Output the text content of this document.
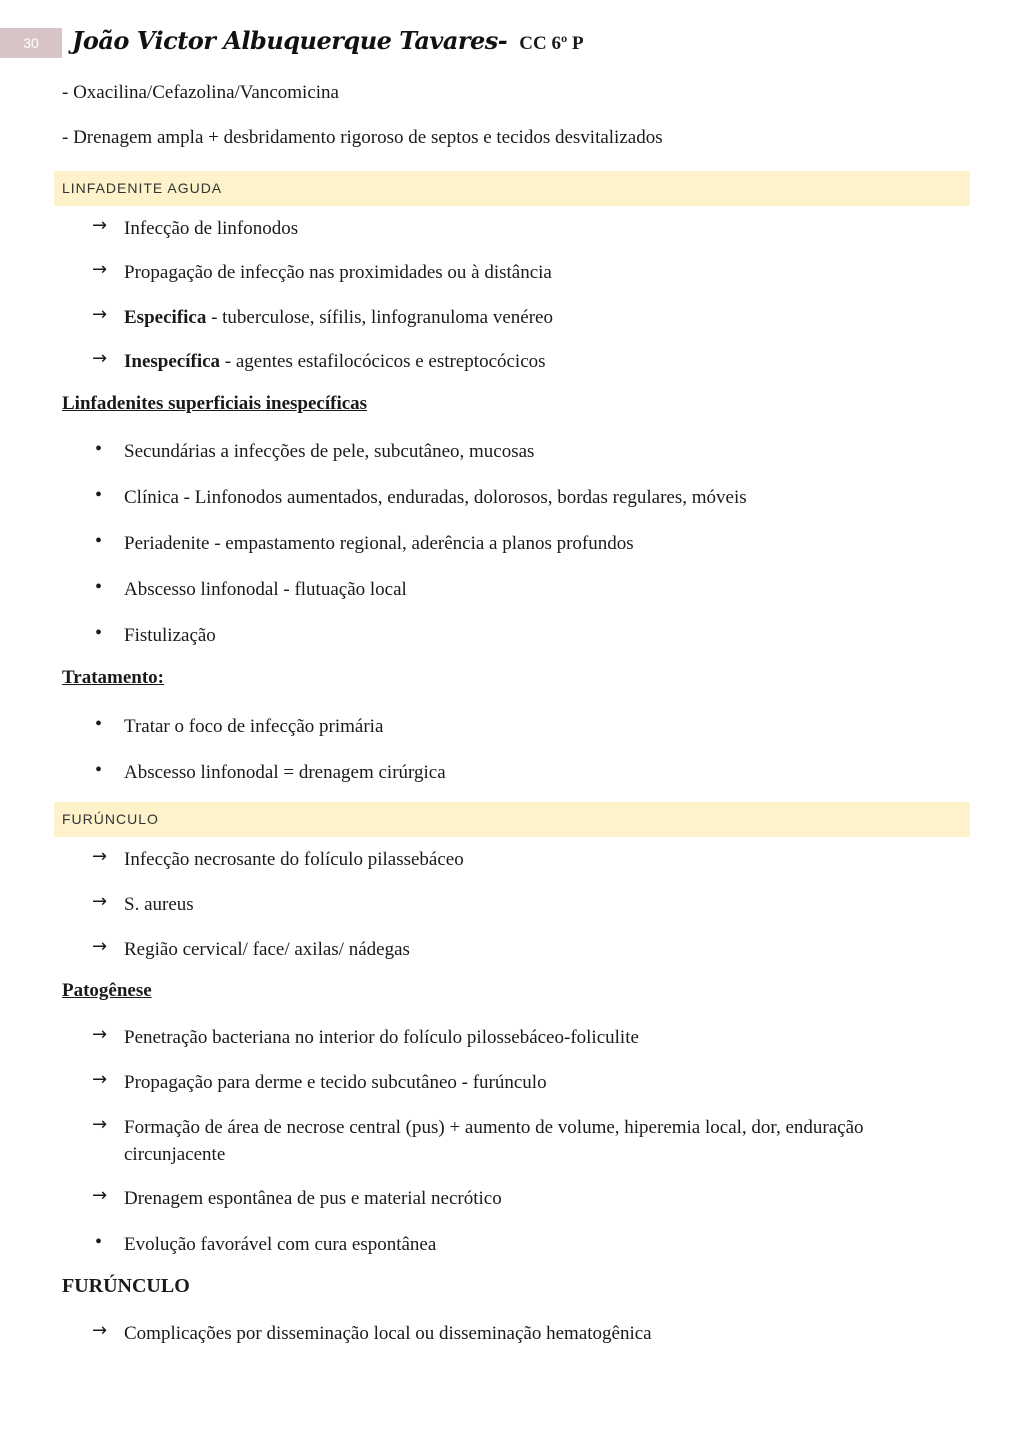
30	João Victor Albuquerque Tavares- CC 6º P

- Oxacilina/Cefazolina/Vancomicina

- Drenagem ampla + desbridamento rigoroso de septos e tecidos desvitalizados

LINFADENITE AGUDA
→ Infecção de linfonodos
→ Propagação de infecção nas proximidades ou à distância
→ Especifica - tuberculose, sífilis, linfogranuloma venéreo
→ Inespecífica - agentes estafilocócicos e estreptocócicos
Linfadenites superficiais inespecíficas
•	Secundárias a infecções de pele, subcutâneo, mucosas
•	Clínica - Linfonodos aumentados, enduradas, dolorosos, bordas regulares, móveis
•	Periadenite - empastamento regional, aderência a planos profundos
•	Abscesso linfonodal - flutuação local
•	Fistulização
Tratamento:
•	Tratar o foco de infecção primária
•	Abscesso linfonodal = drenagem cirúrgica
FURÚNCULO
→ Infecção necrosante do folículo pilassebáceo
→ S. aureus
→ Região cervical/ face/ axilas/ nádegas
Patogênese
→ Penetração bacteriana no interior do folículo pilossebáceo-foliculite
→ Propagação para derme e tecido subcutâneo - furúnculo
→ Formação de área de necrose central (pus) + aumento de volume, hiperemia local, dor, enduração circunjacente
→ Drenagem espontânea de pus e material necrótico
•	Evolução favorável com cura espontânea
FURÚNCULO
→ Complicações por disseminação local ou disseminação hematogênica
